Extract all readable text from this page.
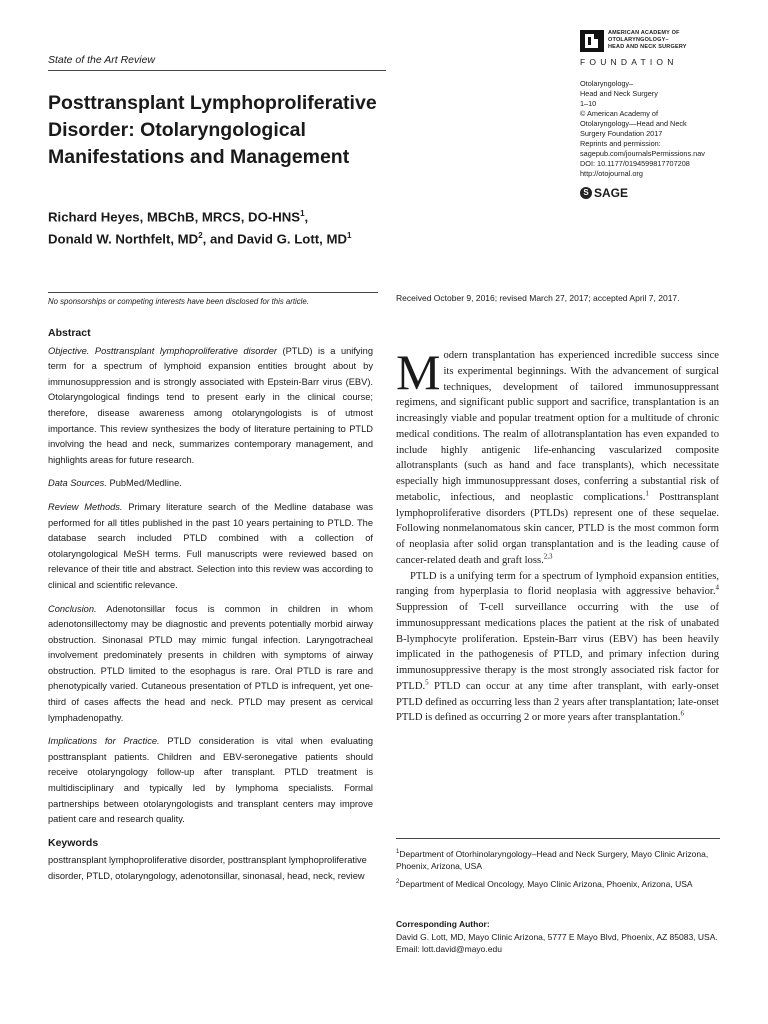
State of the Art Review
AMERICAN ACADEMY OF
OTOLARYNGOLOGY–
HEAD AND NECK SURGERY
FOUNDATION
Otolaryngology–
Head and Neck Surgery
1–10
© American Academy of
Otolaryngology—Head and Neck
Surgery Foundation 2017
Reprints and permission:
sagepub.com/journalsPermissions.nav
DOI: 10.1177/0194599817707208
http://otojournal.org
S SAGE
Posttransplant Lymphoproliferative
Disorder: Otolaryngological
Manifestations and Management
Richard Heyes, MBChB, MRCS, DO-HNS$^1$,
Donald W. Northfelt, $MD^2$, and David G. Lott, $MD^1$
No sponsorships or competing interests have been disclosed for this article.	Received October 9, 2016; revised March 27, 2017; accepted April 7, 2017.
Abstract

Objective. Posttransplant lymphoproliferative disorder (PTLD) is a unifying term for a spectrum of lymphoid expansion entities brought about by immunosuppression and is strongly associated with Epstein-Barr virus (EBV). Otolaryngological findings tend to present early in the clinical course; therefore, disease awareness among otolaryngologists is of utmost importance. This review synthesizes the body of literature pertaining to PTLD involving the head and neck, summarizes contemporary management, and highlights areas for future research.

Data Sources. PubMed/Medline.

Review Methods. Primary literature search of the Medline database was performed for all titles published in the past 10 years pertaining to PTLD. The database search included PTLD combined with a collection of otolaryngological MeSH terms. Full manuscripts were reviewed based on relevance of their title and abstract. Selection into this review was according to clinical and scientific relevance.

Conclusion. Adenotonsillar focus is common in children in whom adenotonsillectomy may be diagnostic and prevents potentially morbid airway obstruction. Sinonasal PTLD may mimic fungal infection. Laryngotracheal involvement predominately presents in children with symptoms of airway obstruction. PTLD limited to the esophagus is rare. Oral PTLD is rare and phenotypically varied. Cutaneous presentation of PTLD is infrequent, yet one-third of cases affects the head and neck. PTLD may present as cervical lymphadenopathy.

Implications for Practice. PTLD consideration is vital when evaluating posttransplant patients. Children and EBV-seronegative patients should receive otolaryngology follow-up after transplant. PTLD treatment is multidisciplinary and typically led by lymphoma specialists. Formal partnerships between otolaryngologists and transplant centers may improve patient care and research quality.

Keywords

posttransplant lymphoproliferative disorder, posttransplant lymphoproliferative disorder, PTLD, otolaryngology, adenotonsillar, sinonasal, head, neck, review

Modern transplantation has experienced incredible success since its experimental beginnings. With the advancement of surgical techniques, development of tailored immunosuppressant regimens, and significant public support and sacrifice, transplantation is an increasingly viable and popular treatment option for a multitude of chronic medical conditions. The realm of allotransplantation has even expanded to include highly antigenic life-enhancing vascularized composite allotransplants (such as hand and face transplants), which necessitate especially high immunosuppressant doses, conferring a substantial risk of metabolic, infectious, and neoplastic complications.$^1$ Posttransplant lymphoproliferative disorders (PTLDs) represent one of these sequelae. Following nonmelanomatous skin cancer, PTLD is the most common form of neoplasia after solid organ transplantation and is the leading cause of cancer-related death and graft loss.$^{2,3}$

PTLD is a unifying term for a spectrum of lymphoid expansion entities, ranging from hyperplasia to florid neoplasia with aggressive behavior.$^4$ Suppression of T-cell surveillance occurring with the use of immunosuppressant medications places the patient at the risk of unabated B-lymphocyte proliferation. Epstein-Barr virus (EBV) has been heavily implicated in the pathogenesis of PTLD, and primary infection during immunosuppressive therapy is the most strongly associated risk factor for PTLD.$^5$ PTLD can occur at any time after transplant, with early-onset PTLD defined as occurring less than 2 years after transplantation; late-onset PTLD is defined as occurring 2 or more years after transplantation.$^6$

$^1$Department of Otorhinolaryngology–Head and Neck Surgery, Mayo Clinic Arizona, Phoenix, Arizona, USA

$^2$Department of Medical Oncology, Mayo Clinic Arizona, Phoenix, Arizona, USA

Corresponding Author:
David G. Lott, MD, Mayo Clinic Arizona, 5777 E Mayo Blvd, Phoenix, AZ 85083, USA.
Email: lott.david@mayo.edu
